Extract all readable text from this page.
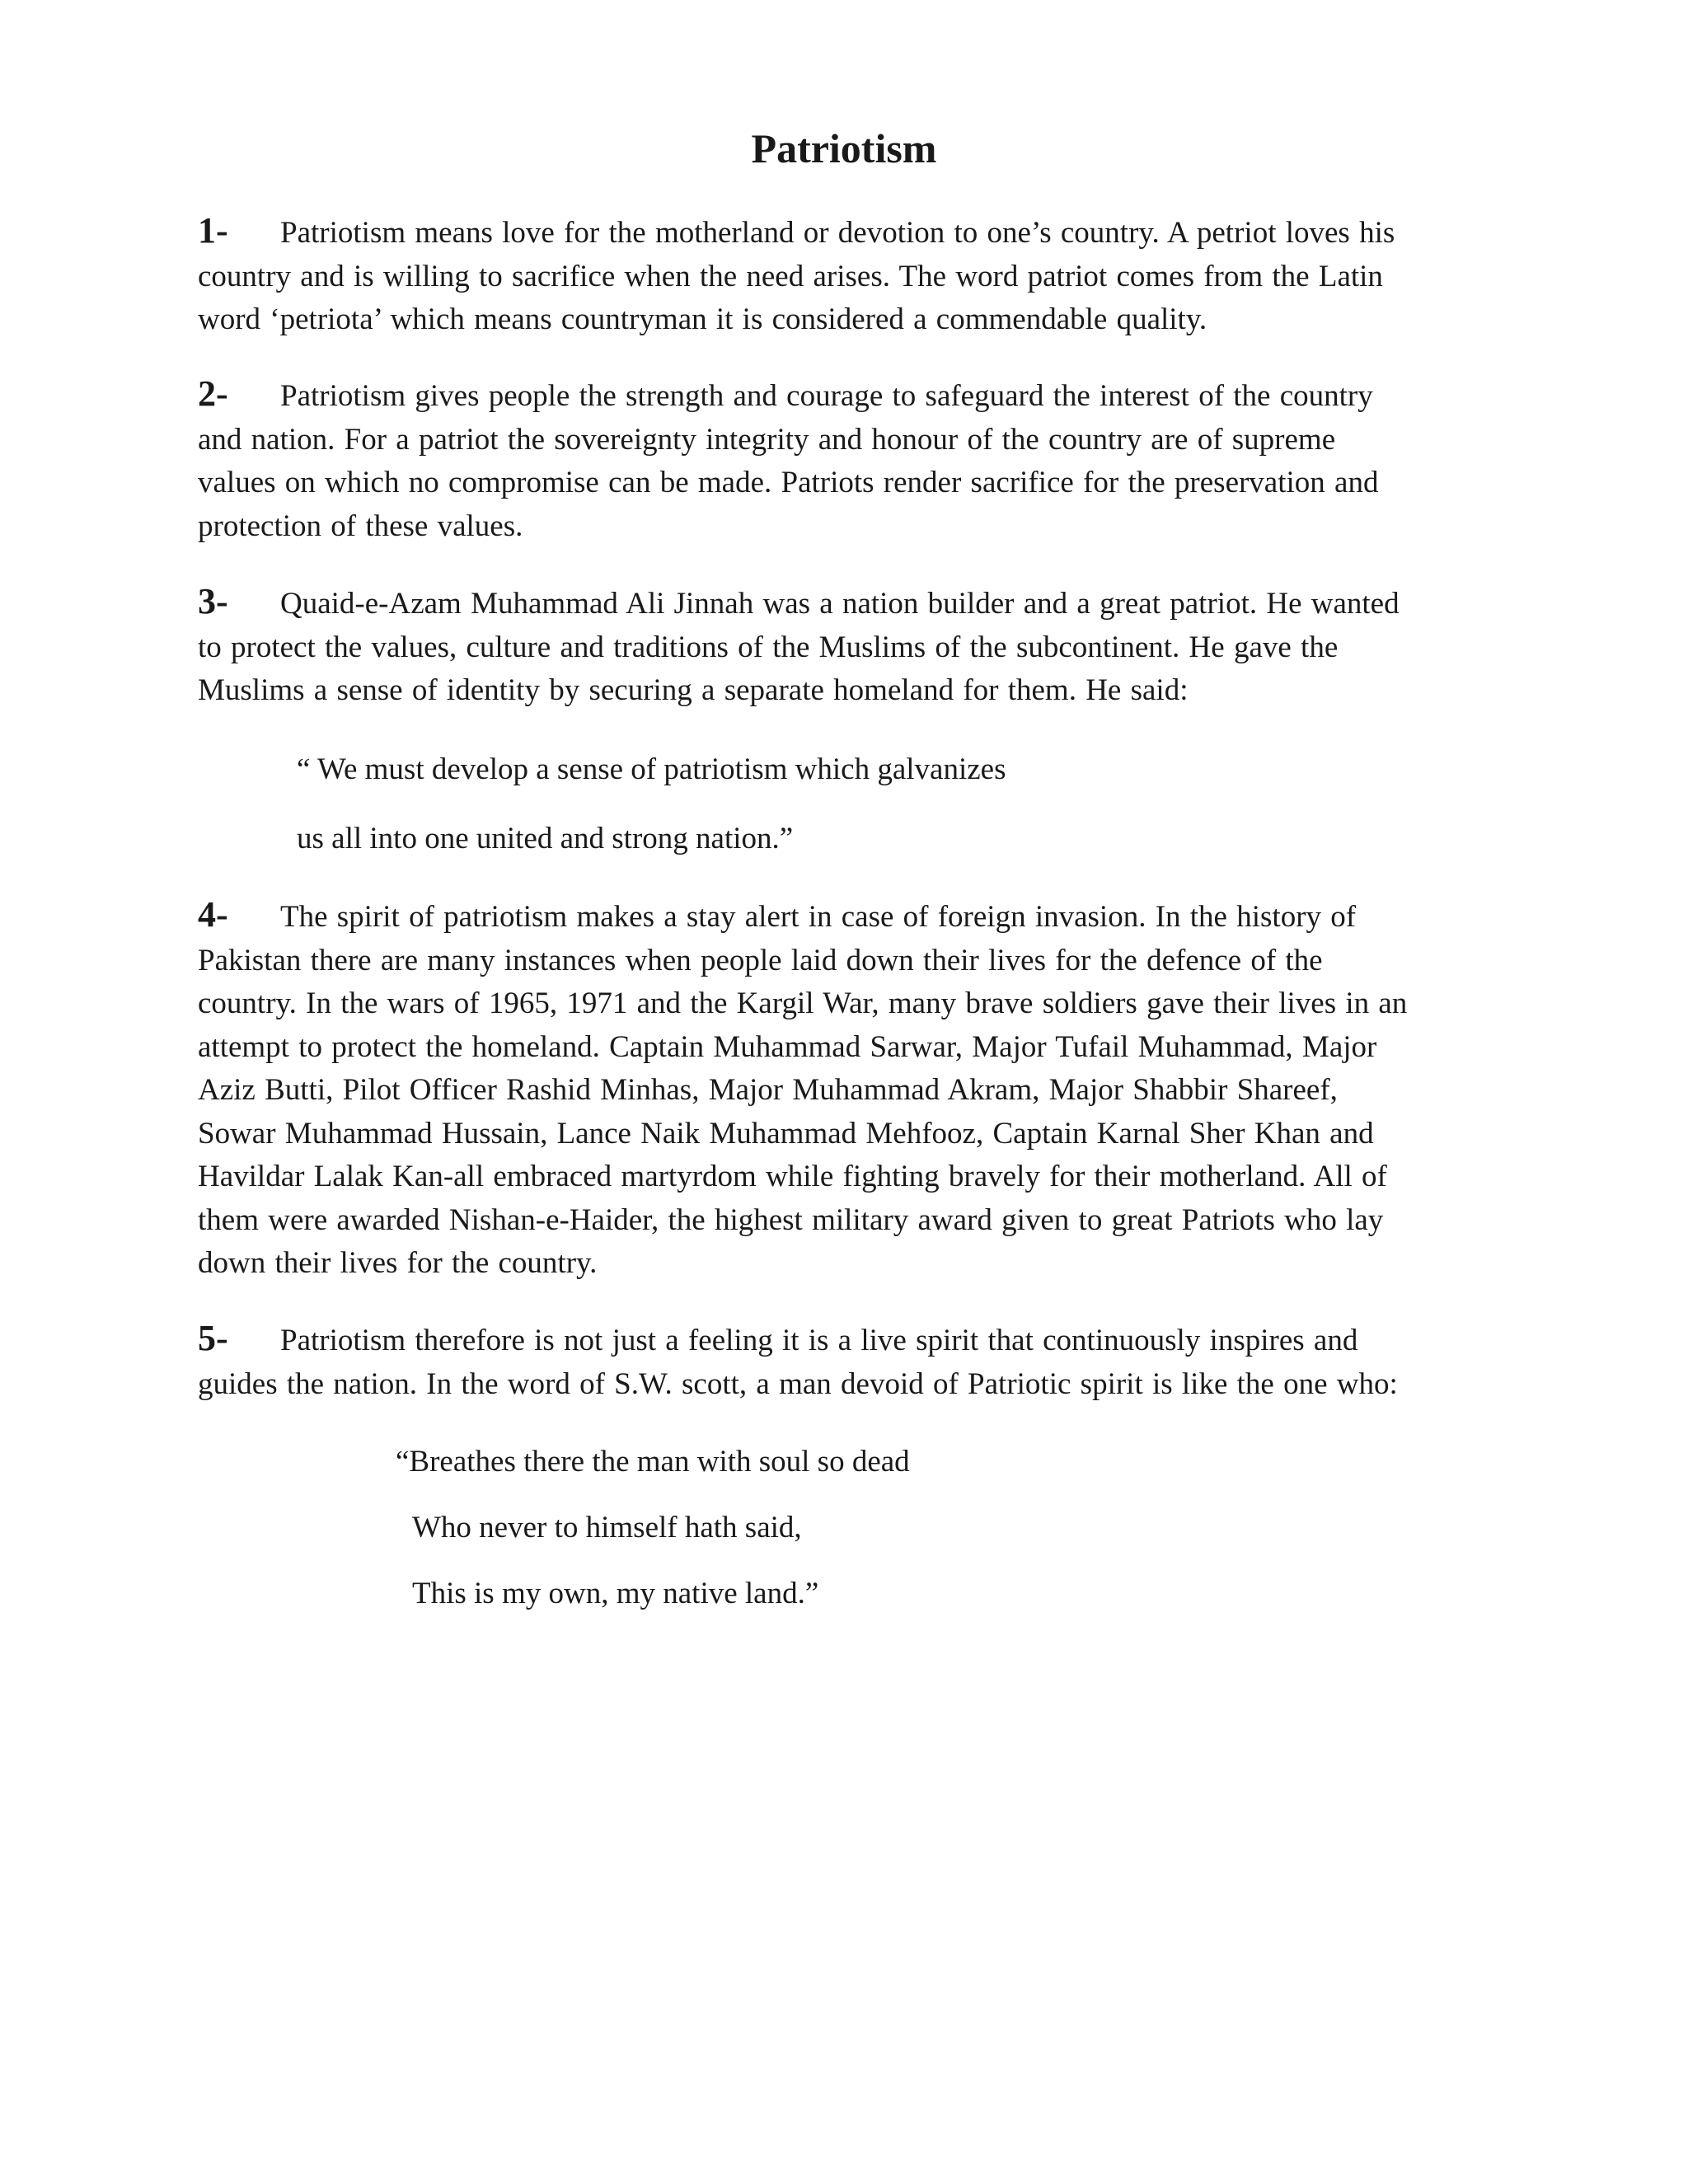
Patriotism
1- Patriotism means love for the motherland or devotion to one’s country. A petriot loves his
country and is willing to sacrifice when the need arises. The word patriot comes from the Latin
word ‘petriota’ which means countryman it is considered a commendable quality.
2- Patriotism gives people the strength and courage to safeguard the interest of the country
and nation. For a patriot the sovereignty integrity and honour of the country are of supreme
values on which no compromise can be made. Patriots render sacrifice for the preservation and
protection of these values.
3- Quaid-e-Azam Muhammad Ali Jinnah was a nation builder and a great patriot. He wanted
to protect the values, culture and traditions of the Muslims of the subcontinent. He gave the
Muslims a sense of identity by securing a separate homeland for them. He said:

“ We must develop a sense of patriotism which galvanizes

us all into one united and strong nation.”

4- The spirit of patriotism makes a stay alert in case of foreign invasion. In the history of
Pakistan there are many instances when people laid down their lives for the defence of the
country. In the wars of 1965, 1971 and the Kargil War, many brave soldiers gave their lives in an
attempt to protect the homeland. Captain Muhammad Sarwar, Major Tufail Muhammad, Major
Aziz Butti, Pilot Officer Rashid Minhas, Major Muhammad Akram, Major Shabbir Shareef,
Sowar Muhammad Hussain, Lance Naik Muhammad Mehfooz, Captain Karnal Sher Khan and
Havildar Lalak Kan-all embraced martyrdom while fighting bravely for their motherland. All of
them were awarded Nishan-e-Haider, the highest military award given to great Patriots who lay
down their lives for the country.
5- Patriotism therefore is not just a feeling it is a live spirit that continuously inspires and
guides the nation. In the word of S.W. scott, a man devoid of Patriotic spirit is like the one who:

“Breathes there the man with soul so dead

Who never to himself hath said,

This is my own, my native land.”
